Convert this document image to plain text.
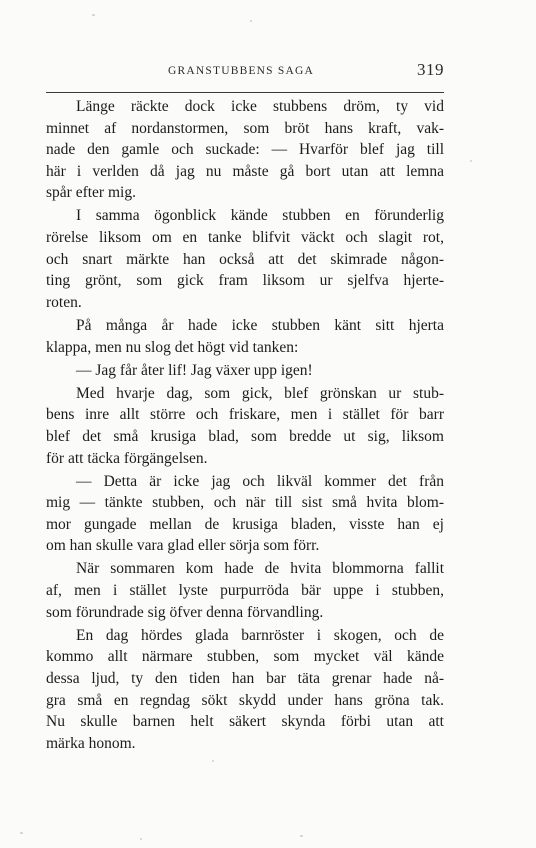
GRANSTUBBENS SAGA	319

Länge räckte dock icke stubbens dröm, ty vid
minnet af nordanstormen, som bröt hans kraft, vak-
nade den gamle och suckade: — Hvarför blef jag till
här i verlden då jag nu måste gå bort utan att lemna
spår efter mig.

I samma ögonblick kände stubben en förunderlig
rörelse liksom om en tanke blifvit väckt och slagit rot,
och snart märkte han också att det skimrade någon-
ting grönt, som gick fram liksom ur sjelfva hjerte-
roten.

På många år hade icke stubben känt sitt hjerta
klappa, men nu slog det högt vid tanken:

— Jag får åter lif! Jag växer upp igen!

Med hvarje dag, som gick, blef grönskan ur stub-
bens inre allt större och friskare, men i stället för barr
blef det små krusiga blad, som bredde ut sig, liksom
för att täcka förgängelsen.

— Detta är icke jag och likväl kommer det från
mig — tänkte stubben, och när till sist små hvita blom-
mor gungade mellan de krusiga bladen, visste han ej
om han skulle vara glad eller sörja som förr.

När sommaren kom hade de hvita blommorna fallit
af, men i stället lyste purpurröda bär uppe i stubben,
som förundrade sig öfver denna förvandling.

En dag hördes glada barnröster i skogen, och de
kommo allt närmare stubben, som mycket väl kände
dessa ljud, ty den tiden han bar täta grenar hade nå-
gra små en regndag sökt skydd under hans gröna tak.
Nu skulle barnen helt säkert skynda förbi utan att
märka honom.
